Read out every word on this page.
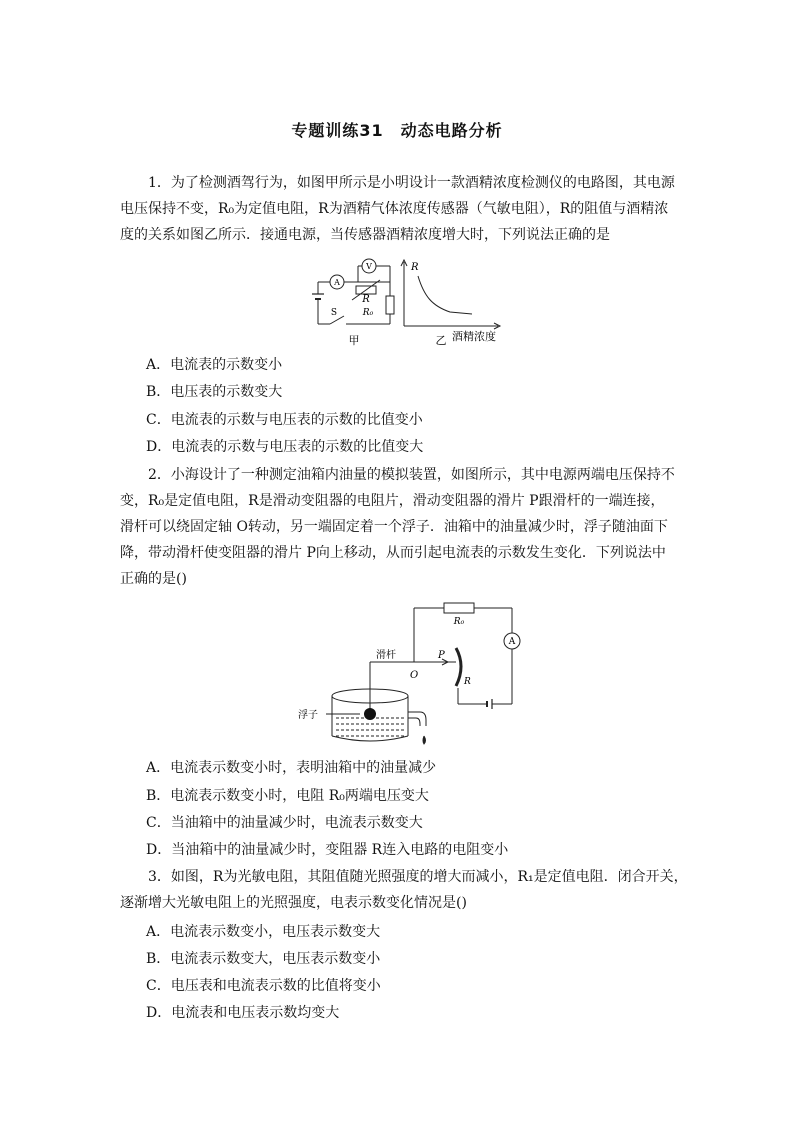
专题训练31　动态电路分析
1．为了检测酒驾行为，如图甲所示是小明设计一款酒精浓度检测仪的电路图，其电源
电压保持不变，R₀为定值电阻，R为酒精气体浓度传感器（气敏电阻），R的阻值与酒精浓
度的关系如图乙所示．接通电源，当传感器酒精浓度增大时，下列说法正确的是
A
V
R
R₀
S
甲
R
乙 酒精浓度
A．电流表的示数变小
B．电压表的示数变大
C．电流表的示数与电压表的示数的比值变小
D．电流表的示数与电压表的示数的比值变大
2．小海设计了一种测定油箱内油量的模拟装置，如图所示，其中电源两端电压保持不
变，R₀是定值电阻，R是滑动变阻器的电阻片，滑动变阻器的滑片 P跟滑杆的一端连接，
滑杆可以绕固定轴 O转动，另一端固定着一个浮子．油箱中的油量减少时，浮子随油面下
降，带动滑杆使变阻器的滑片 P向上移动，从而引起电流表的示数发生变化．下列说法中
正确的是()
A
R₀
滑杆	P
O
R
浮子
A．电流表示数变小时，表明油箱中的油量减少
B．电流表示数变小时，电阻 R₀两端电压变大
C．当油箱中的油量减少时，电流表示数变大
D．当油箱中的油量减少时，变阻器 R连入电路的电阻变小
3．如图，R为光敏电阻，其阻值随光照强度的增大而减小，R₁是定值电阻．闭合开关，
逐渐增大光敏电阻上的光照强度，电表示数变化情况是()
A．电流表示数变小，电压表示数变大
B．电流表示数变大，电压表示数变小
C．电压表和电流表示数的比值将变小
D．电流表和电压表示数均变大
